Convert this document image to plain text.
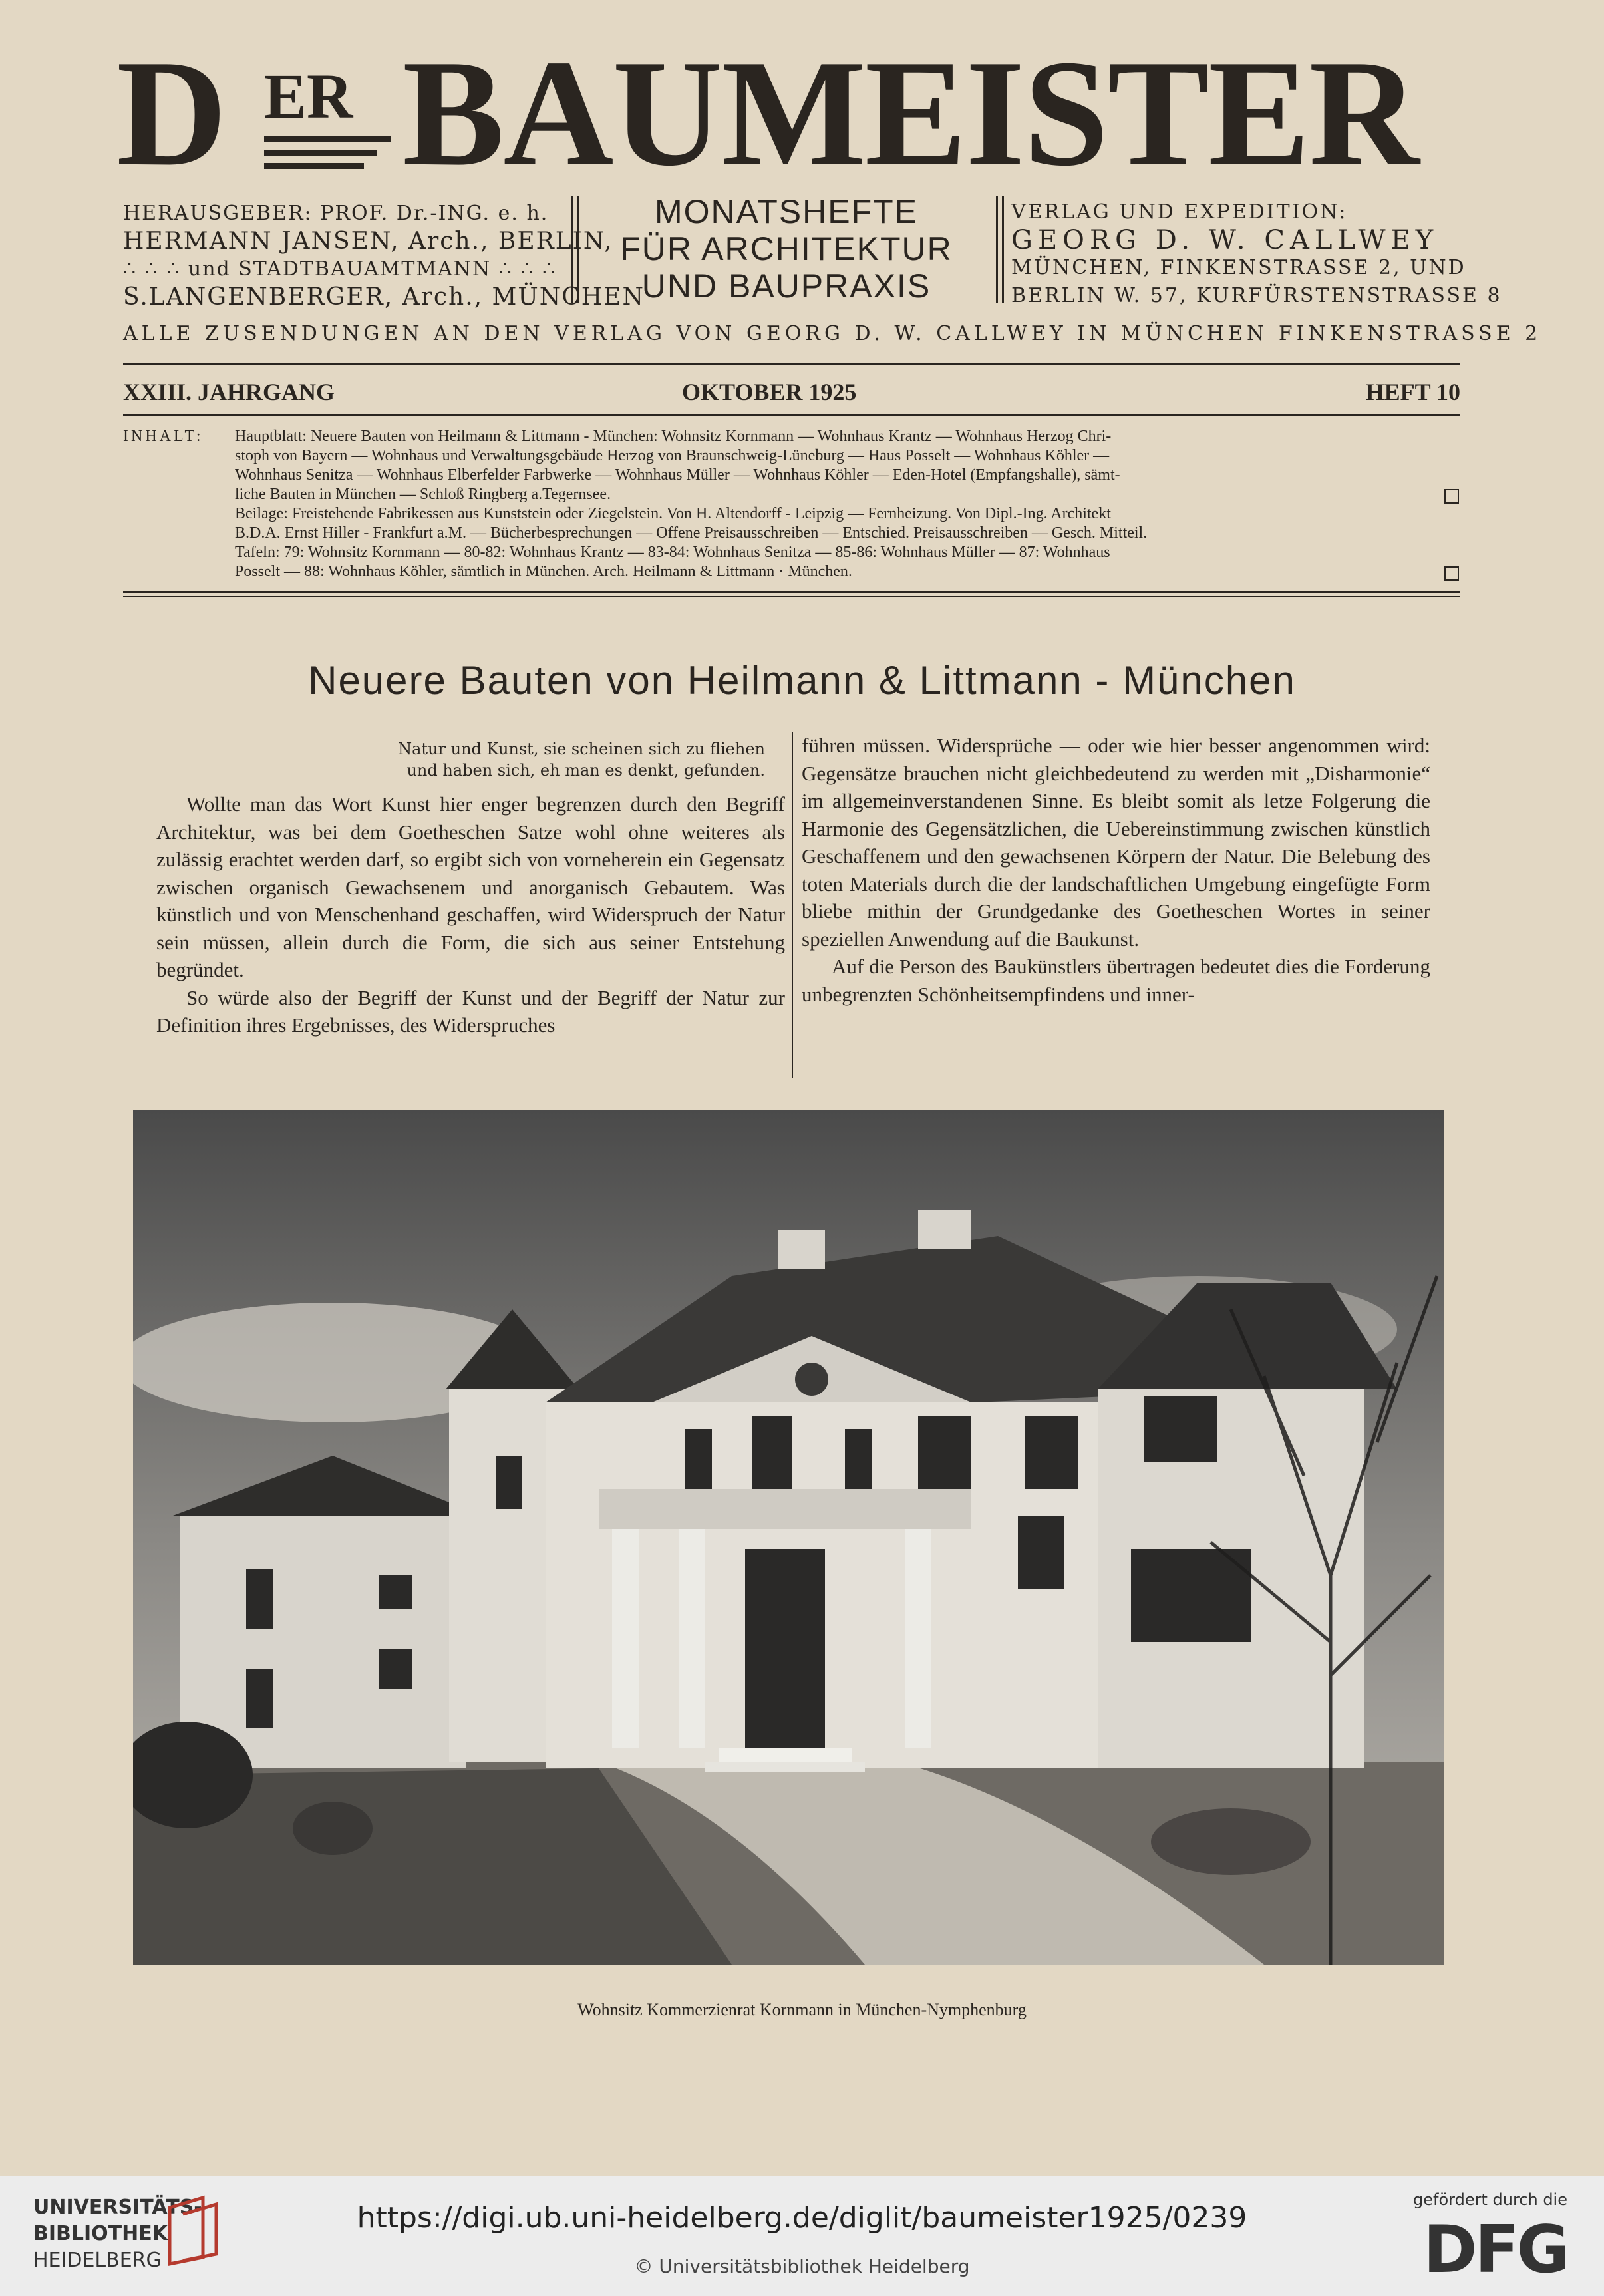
D ER BAUMEISTER
HERAUSGEBER: PROF. Dr.-ING. e. h.
HERMANN JANSEN, Arch., BERLIN,
∴ ∴ ∴ und STADTBAUAMTMANN ∴ ∴ ∴
S.LANGENBERGER, Arch., MÜNCHEN
MONATSHEFTE
FÜR ARCHITEKTUR
UND BAUPRAXIS
VERLAG UND EXPEDITION:
GEORG D. W. CALLWEY
MÜNCHEN, FINKENSTRASSE 2, UND
BERLIN W. 57, KURFÜRSTENSTRASSE 8
ALLE ZUSENDUNGEN AN DEN VERLAG VON GEORG D. W. CALLWEY IN MÜNCHEN FINKENSTRASSE 2
XXIII. JAHRGANG	OKTOBER 1925	HEFT 10
INHALT: Hauptblatt: Neuere Bauten von Heilmann & Littmann - München: Wohnsitz Kornmann — Wohnhaus Krantz — Wohnhaus Herzog Chri-
stoph von Bayern — Wohnhaus und Verwaltungsgebäude Herzog von Braunschweig-Lüneburg — Haus Posselt — Wohnhaus Köhler —
Wohnhaus Senitza — Wohnhaus Elberfelder Farbwerke — Wohnhaus Müller — Wohnhaus Köhler — Eden-Hotel (Empfangshalle), sämt-
liche Bauten in München — Schloß Ringberg a.Tegernsee.
Beilage: Freistehende Fabrikessen aus Kunststein oder Ziegelstein. Von H. Altendorff - Leipzig — Fernheizung. Von Dipl.-Ing. Architekt
B.D.A. Ernst Hiller - Frankfurt a.M. — Bücherbesprechungen — Offene Preisausschreiben — Entschied. Preisausschreiben — Gesch. Mitteil.
Tafeln: 79: Wohnsitz Kornmann — 80-82: Wohnhaus Krantz — 83-84: Wohnhaus Senitza — 85-86: Wohnhaus Müller — 87: Wohnhaus
Posselt — 88: Wohnhaus Köhler, sämtlich in München. Arch. Heilmann & Littmann · München.
Neuere Bauten von Heilmann & Littmann - München
Natur und Kunst, sie scheinen sich zu fliehen
und haben sich, eh man es denkt, gefunden.

Wollte man das Wort Kunst hier enger begrenzen durch den Begriff Architektur, was bei dem Goetheschen Satze wohl ohne weiteres als zulässig erachtet werden darf, so ergibt sich von vorneherein ein Gegensatz zwischen organisch Gewachsenem und anorganisch Gebautem. Was künstlich und von Menschenhand geschaffen, wird Widerspruch der Natur sein müssen, allein durch die Form, die sich aus seiner Entstehung begründet.

So würde also der Begriff der Kunst und der Begriff der Natur zur Definition ihres Ergebnisses, des Widerspruches

führen müssen. Widersprüche — oder wie hier besser angenommen wird: Gegensätze brauchen nicht gleichbedeutend zu werden mit „Disharmonie“ im allgemeinverstandenen Sinne. Es bleibt somit als letze Folgerung die Harmonie des Gegensätzlichen, die Uebereinstimmung zwischen künstlich Geschaffenem und den gewachsenen Körpern der Natur. Die Belebung des toten Materials durch die der landschaftlichen Umgebung eingefügte Form bliebe mithin der Grundgedanke des Goetheschen Wortes in seiner speziellen Anwendung auf die Baukunst.

Auf die Person des Baukünstlers übertragen bedeutet dies die Forderung unbegrenzten Schönheitsempfindens und inner-

Wohnsitz Kommerzienrat Kornmann in München-Nymphenburg
UNIVERSITÄTS-
BIBLIOTHEK
HEIDELBERG
https://digi.ub.uni-heidelberg.de/diglit/baumeister1925/0239
© Universitätsbibliothek Heidelberg
gefördert durch die
DFG
